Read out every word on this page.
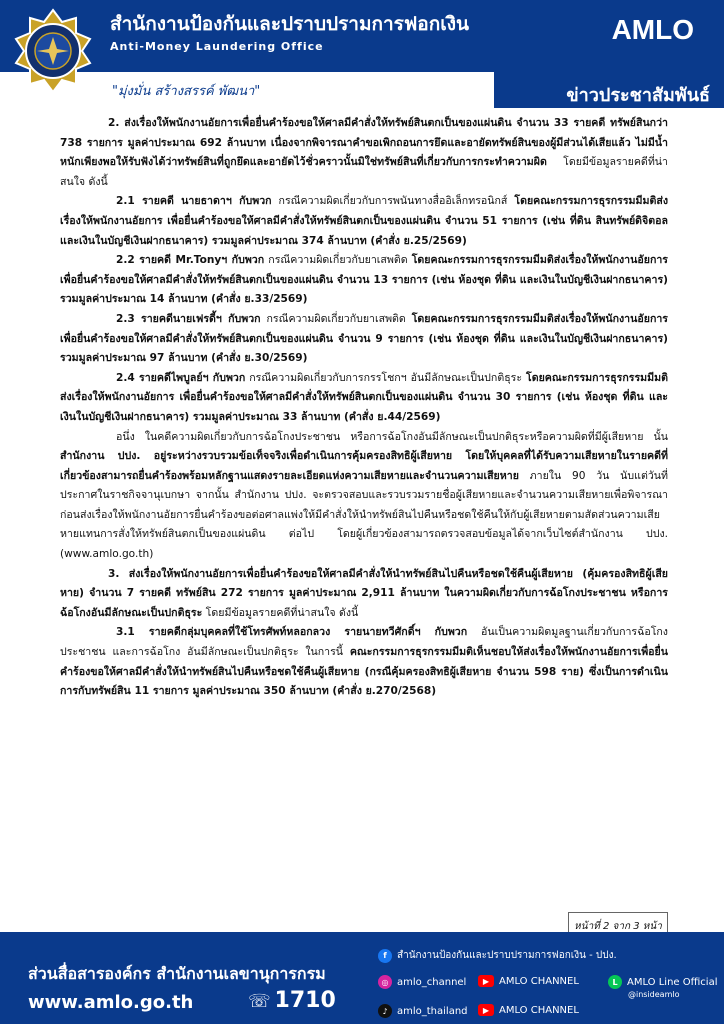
สำนักงานป้องกันและปราบปรามการฟอกเงิน
Anti-Money Laundering Office
AMLO
"มุ่งมั่น สร้างสรรค์ พัฒนา"	ข่าวประชาสัมพันธ์

2. ส่งเรื่องให้พนักงานอัยการเพื่อยื่นคำร้องขอให้ศาลมีคำสั่งให้ทรัพย์สินตกเป็นของแผ่นดิน จำนวน 33 รายคดี ทรัพย์สินกว่า 738 รายการ มูลค่าประมาณ 692 ล้านบาท เนื่องจากพิจารณาคำขอเพิกถอนการยึดและอายัดทรัพย์สินของผู้มีส่วนได้เสียแล้ว ไม่มีน้ำหนักเพียงพอให้รับฟังได้ว่าทรัพย์สินที่ถูกยึดและอายัดไว้ชั่วคราวนั้นมิใช่ทรัพย์สินที่เกี่ยวกับการกระทำความผิด โดยมีข้อมูลรายคดีที่น่าสนใจ ดังนี้

2.1 รายคดี นายธาดาฯ กับพวก กรณีความผิดเกี่ยวกับการพนันทางสื่ออิเล็กทรอนิกส์ โดยคณะกรรมการธุรกรรมมีมติส่งเรื่องให้พนักงานอัยการ เพื่อยื่นคำร้องขอให้ศาลมีคำสั่งให้ทรัพย์สินตกเป็นของแผ่นดิน จำนวน 51 รายการ (เช่น ที่ดิน สินทรัพย์ดิจิตอล และเงินในบัญชีเงินฝากธนาคาร) รวมมูลค่าประมาณ 374 ล้านบาท (คำสั่ง ย.25/2569)

2.2 รายคดี Mr.Tonyฯ กับพวก กรณีความผิดเกี่ยวกับยาเสพติด โดยคณะกรรมการธุรกรรมมีมติส่งเรื่องให้พนักงานอัยการ เพื่อยื่นคำร้องขอให้ศาลมีคำสั่งให้ทรัพย์สินตกเป็นของแผ่นดิน จำนวน 13 รายการ (เช่น ห้องชุด ที่ดิน และเงินในบัญชีเงินฝากธนาคาร) รวมมูลค่าประมาณ 14 ล้านบาท (คำสั่ง ย.33/2569)

2.3 รายคดีนายเฟรดี้ฯ กับพวก กรณีความผิดเกี่ยวกับยาเสพติด โดยคณะกรรมการธุรกรรมมีมติส่งเรื่องให้พนักงานอัยการ เพื่อยื่นคำร้องขอให้ศาลมีคำสั่งให้ทรัพย์สินตกเป็นของแผ่นดิน จำนวน 9 รายการ (เช่น ห้องชุด ที่ดิน และเงินในบัญชีเงินฝากธนาคาร) รวมมูลค่าประมาณ 97 ล้านบาท (คำสั่ง ย.30/2569)

2.4 รายคดีไพบูลย์ฯ กับพวก กรณีความผิดเกี่ยวกับการกรรโชกฯ อันมีลักษณะเป็นปกติธุระ โดยคณะกรรมการธุรกรรมมีมติส่งเรื่องให้พนักงานอัยการ เพื่อยื่นคำร้องขอให้ศาลมีคำสั่งให้ทรัพย์สินตกเป็นของแผ่นดิน จำนวน 30 รายการ (เช่น ห้องชุด ที่ดิน และเงินในบัญชีเงินฝากธนาคาร) รวมมูลค่าประมาณ 33 ล้านบาท (คำสั่ง ย.44/2569)

อนึ่ง ในคดีความผิดเกี่ยวกับการฉ้อโกงประชาชน หรือการฉ้อโกงอันมีลักษณะเป็นปกติธุระหรือความผิดที่มีผู้เสียหาย นั้น สำนักงาน ปปง. อยู่ระหว่างรวบรวมข้อเท็จจริงเพื่อดำเนินการคุ้มครองสิทธิผู้เสียหาย โดยให้บุคคลที่ได้รับความเสียหายในรายคดีที่เกี่ยวข้องสามารถยื่นคำร้องพร้อมหลักฐานแสดงรายละเอียดแห่งความเสียหายและจำนวนความเสียหาย ภายใน 90 วัน นับแต่วันที่ประกาศในราชกิจจานุเบกษา จากนั้น สำนักงาน ปปง. จะตรวจสอบและรวบรวมรายชื่อผู้เสียหายและจำนวนความเสียหายเพื่อพิจารณาก่อนส่งเรื่องให้พนักงานอัยการยื่นคำร้องขอต่อศาลแพ่งให้มีคำสั่งให้นำทรัพย์สินไปคืนหรือชดใช้คืนให้กับผู้เสียหายตามสัดส่วนความเสียหายแทนการสั่งให้ทรัพย์สินตกเป็นของแผ่นดิน ต่อไป โดยผู้เกี่ยวข้องสามารถตรวจสอบข้อมูลได้จากเว็บไซต์สำนักงาน ปปง. (www.amlo.go.th)

3. ส่งเรื่องให้พนักงานอัยการเพื่อยื่นคำร้องขอให้ศาลมีคำสั่งให้นำทรัพย์สินไปคืนหรือชดใช้คืนผู้เสียหาย (คุ้มครองสิทธิผู้เสียหาย) จำนวน 7 รายคดี ทรัพย์สิน 272 รายการ มูลค่าประมาณ 2,911 ล้านบาท ในความผิดเกี่ยวกับการฉ้อโกงประชาชน หรือการฉ้อโกงอันมีลักษณะเป็นปกติธุระ โดยมีข้อมูลรายคดีที่น่าสนใจ ดังนี้

3.1 รายคดีกลุ่มบุคคลที่ใช้โทรศัพท์หลอกลวง รายนายทวีศักดิ์ฯ กับพวก อันเป็นความผิดมูลฐานเกี่ยวกับการฉ้อโกงประชาชน และการฉ้อโกง อันมีลักษณะเป็นปกติธุระ ในการนี้ คณะกรรมการธุรกรรมมีมติเห็นชอบให้ส่งเรื่องให้พนักงานอัยการเพื่อยื่นคำร้องขอให้ศาลมีคำสั่งให้นำทรัพย์สินไปคืนหรือชดใช้คืนผู้เสียหาย (กรณีคุ้มครองสิทธิผู้เสียหาย จำนวน 598 ราย) ซึ่งเป็นการดำเนินการกับทรัพย์สิน 11 รายการ มูลค่าประมาณ 350 ล้านบาท (คำสั่ง ย.270/2568)

หน้าที่ 2 จาก 3 หน้า
ส่วนสื่อสารองค์กร สำนักงานเลขานุการกรม
www.amlo.go.th	☏ 1710
f	สำนักงานป้องกันและปราบปรามการฟอกเงิน - ปปง.
◎ amlo_channel	▶ AMLO CHANNEL	L AMLO Line Official
@insideamlo
♪ amlo_thailand	▶ AMLO CHANNEL
